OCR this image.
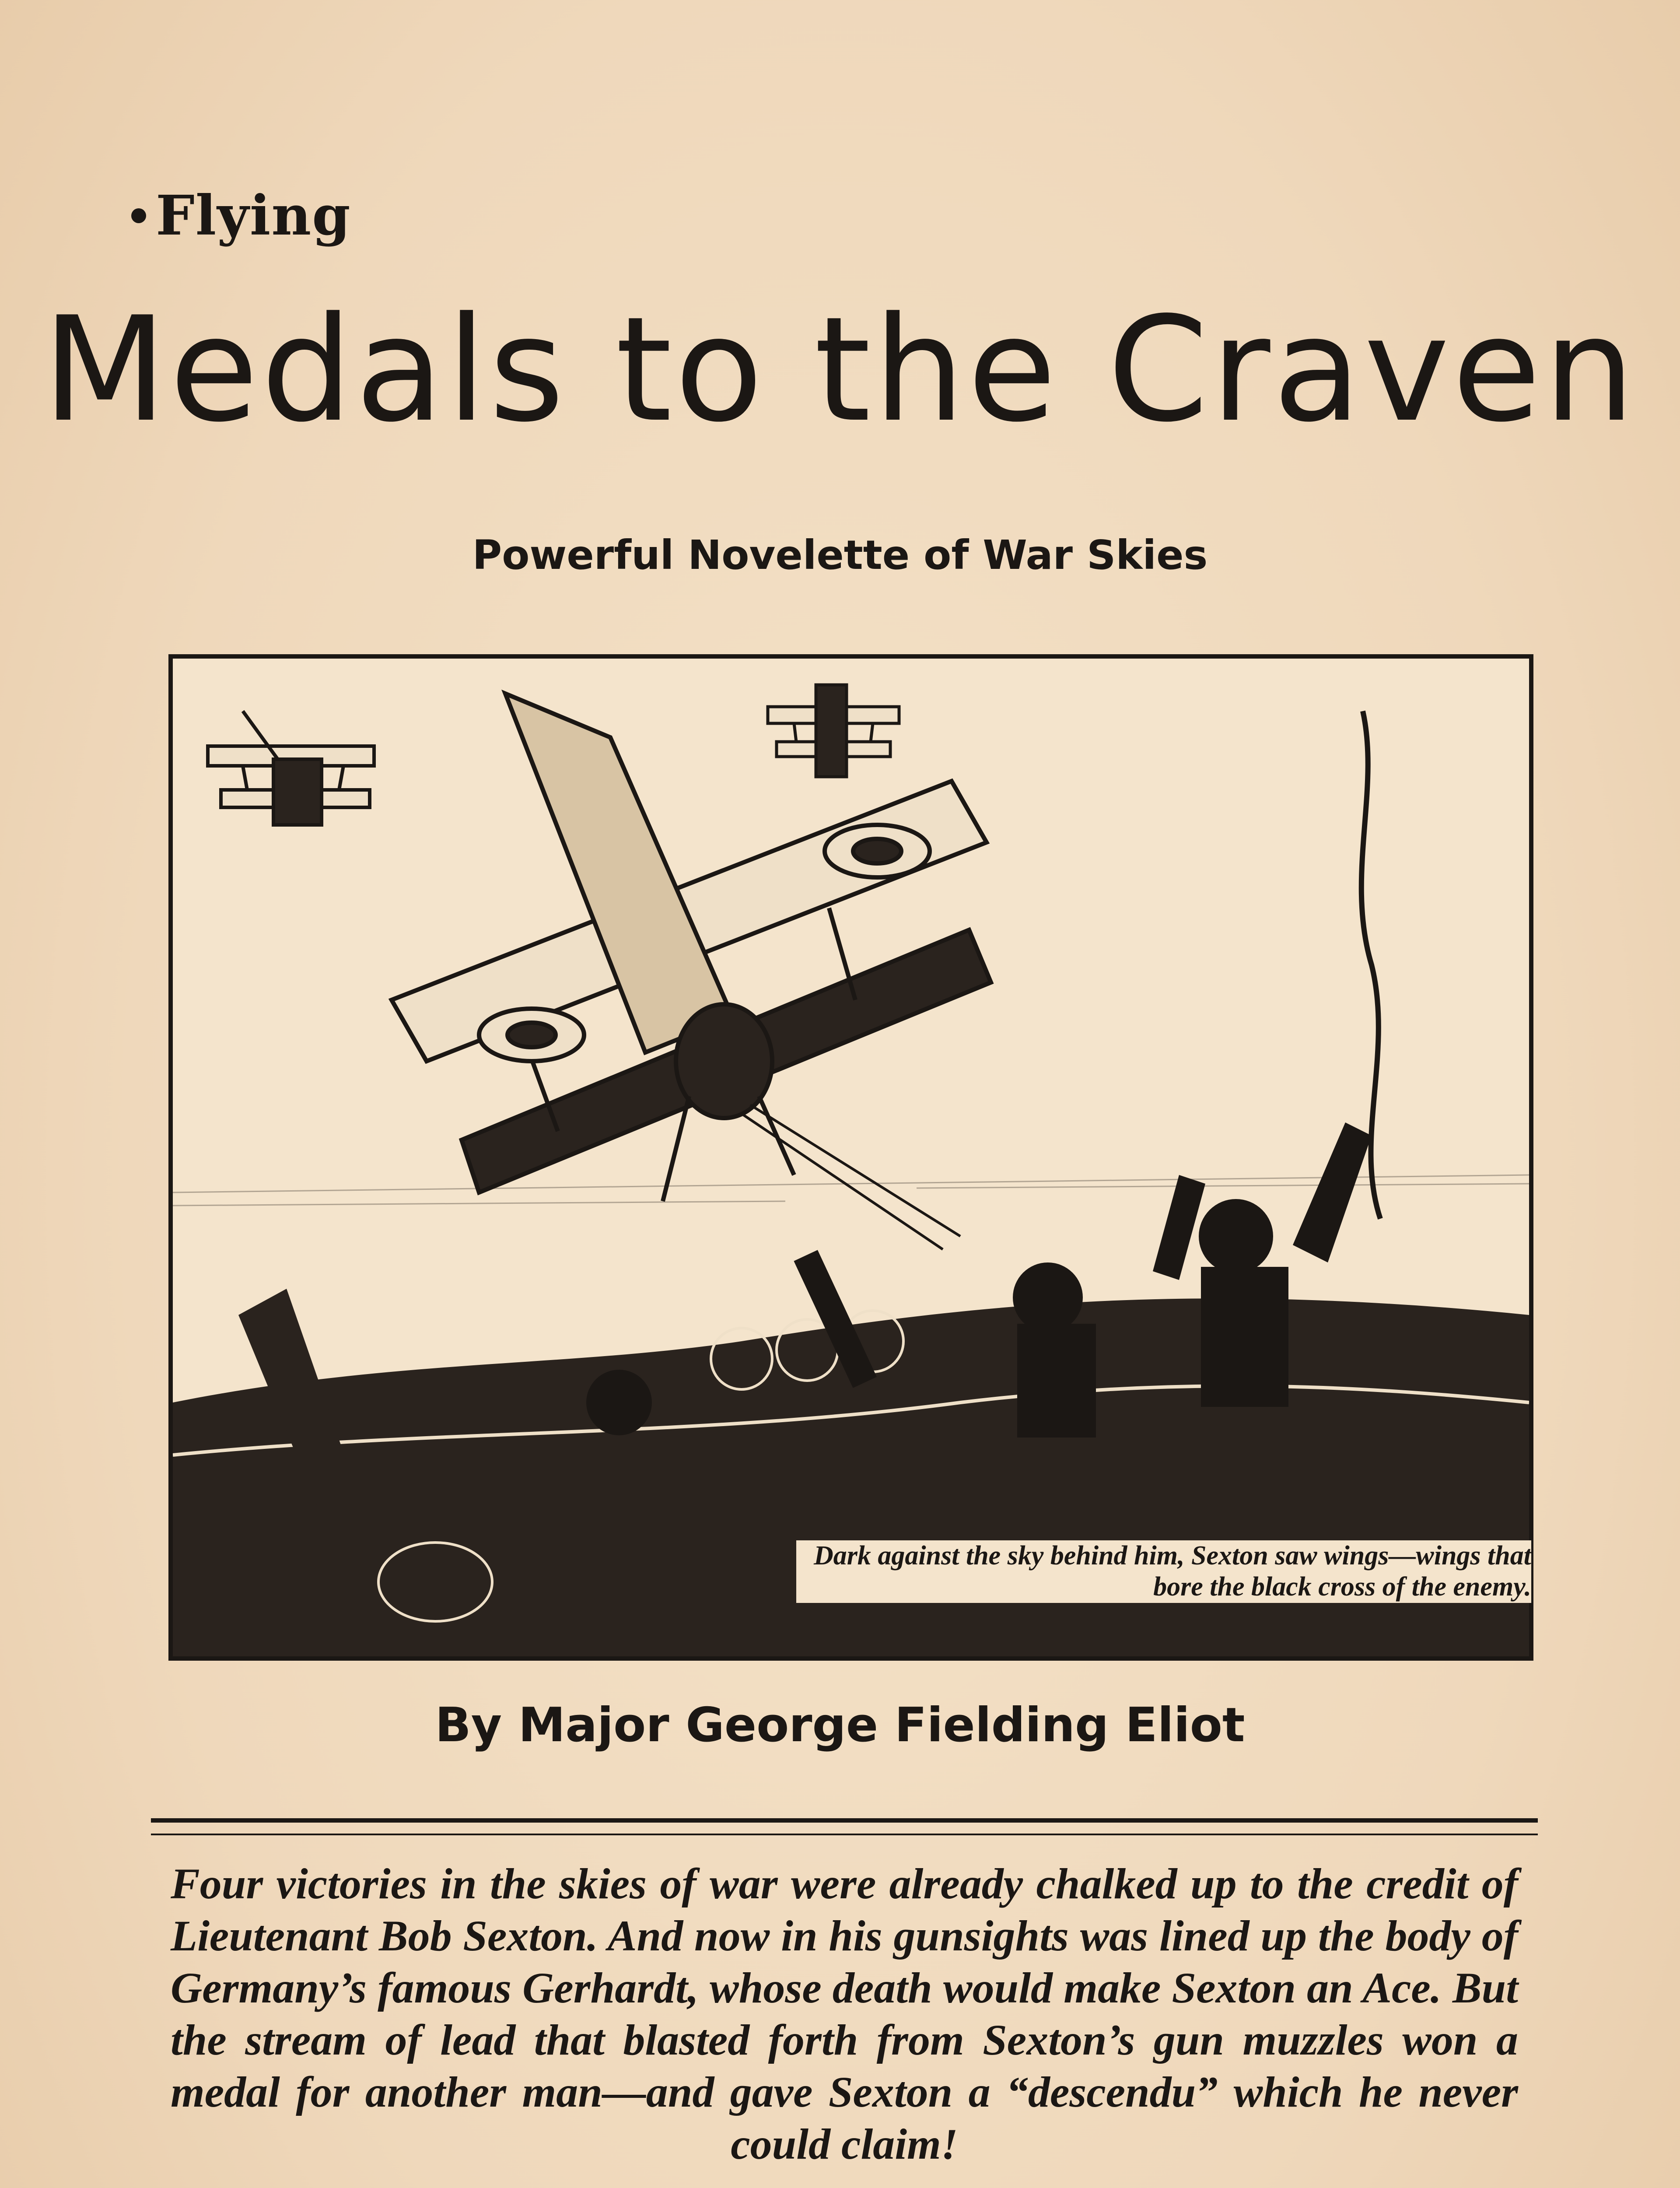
Flying
Medals to the Craven
Powerful Novelette of War Skies
Dark against the sky behind him, Sexton saw wings—wings that bore the black cross of the enemy.
By Major George Fielding Eliot
Four victories in the skies of war were already chalked up to the credit of Lieutenant Bob Sexton. And now in his gunsights was lined up the body of Germany’s famous Gerhardt, whose death would make Sexton an Ace. But the stream of lead that blasted forth from Sexton’s gun muzzles won a medal for another man—and gave Sexton a “descendu” which he never could claim!
